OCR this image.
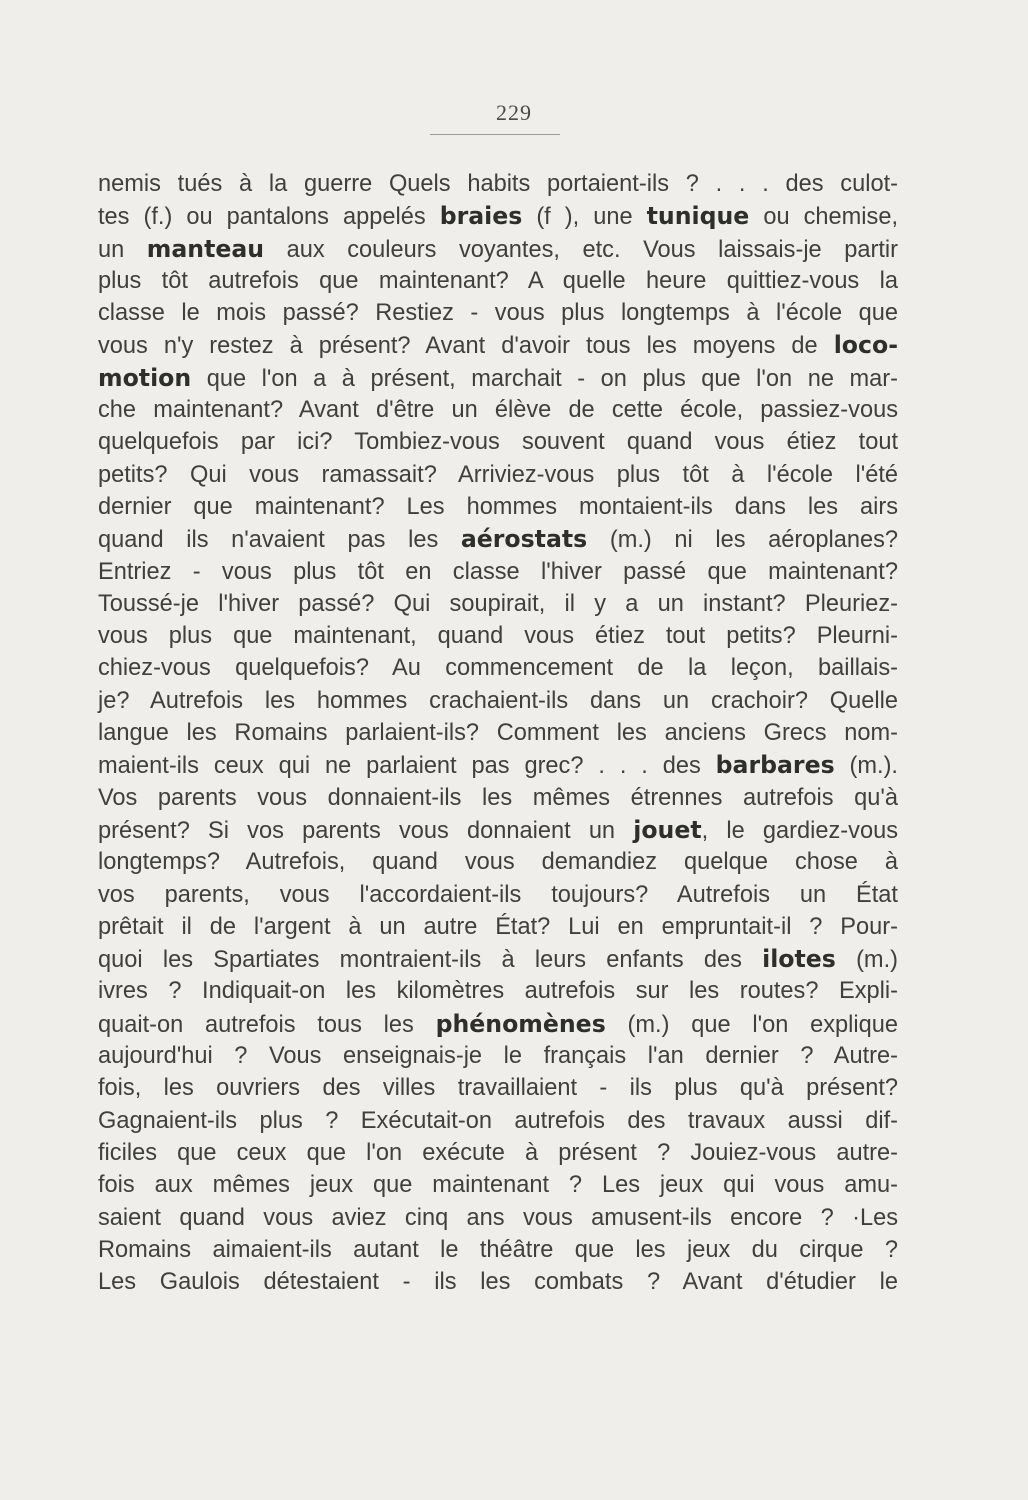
229
nemis tués à la guerre Quels habits portaient-ils ? . . . des culot-
tes (f.) ou pantalons appelés braies (f ), une tunique ou chemise,
un manteau aux couleurs voyantes, etc. Vous laissais-je partir
plus tôt autrefois que maintenant? A quelle heure quittiez-vous la
classe le mois passé? Restiez - vous plus longtemps à l'école que
vous n'y restez à présent? Avant d'avoir tous les moyens de loco-
motion que l'on a à présent, marchait - on plus que l'on ne mar-
che maintenant? Avant d'être un élève de cette école, passiez-vous
quelquefois par ici? Tombiez-vous souvent quand vous étiez tout
petits? Qui vous ramassait? Arriviez-vous plus tôt à l'école l'été
dernier que maintenant? Les hommes montaient-ils dans les airs
quand ils n'avaient pas les aérostats (m.) ni les aéroplanes?
Entriez - vous plus tôt en classe l'hiver passé que maintenant?
Toussé-je l'hiver passé? Qui soupirait, il y a un instant? Pleuriez-
vous plus que maintenant, quand vous étiez tout petits? Pleurni-
chiez-vous quelquefois? Au commencement de la leçon, baillais-
je? Autrefois les hommes crachaient-ils dans un crachoir? Quelle
langue les Romains parlaient-ils? Comment les anciens Grecs nom-
maient-ils ceux qui ne parlaient pas grec? . . . des barbares (m.).
Vos parents vous donnaient-ils les mêmes étrennes autrefois qu'à
présent? Si vos parents vous donnaient un jouet, le gardiez-vous
longtemps? Autrefois, quand vous demandiez quelque chose à
vos parents, vous l'accordaient-ils toujours? Autrefois un État
prêtait il de l'argent à un autre État? Lui en empruntait-il ? Pour-
quoi les Spartiates montraient-ils à leurs enfants des ilotes (m.)
ivres ? Indiquait-on les kilomètres autrefois sur les routes? Expli-
quait-on autrefois tous les phénomènes (m.) que l'on explique
aujourd'hui ? Vous enseignais-je le français l'an dernier ? Autre-
fois, les ouvriers des villes travaillaient - ils plus qu'à présent?
Gagnaient-ils plus ? Exécutait-on autrefois des travaux aussi dif-
ficiles que ceux que l'on exécute à présent ? Jouiez-vous autre-
fois aux mêmes jeux que maintenant ? Les jeux qui vous amu-
saient quand vous aviez cinq ans vous amusent-ils encore ? ·Les
Romains aimaient-ils autant le théâtre que les jeux du cirque ?
Les Gaulois détestaient - ils les combats ? Avant d'étudier le
